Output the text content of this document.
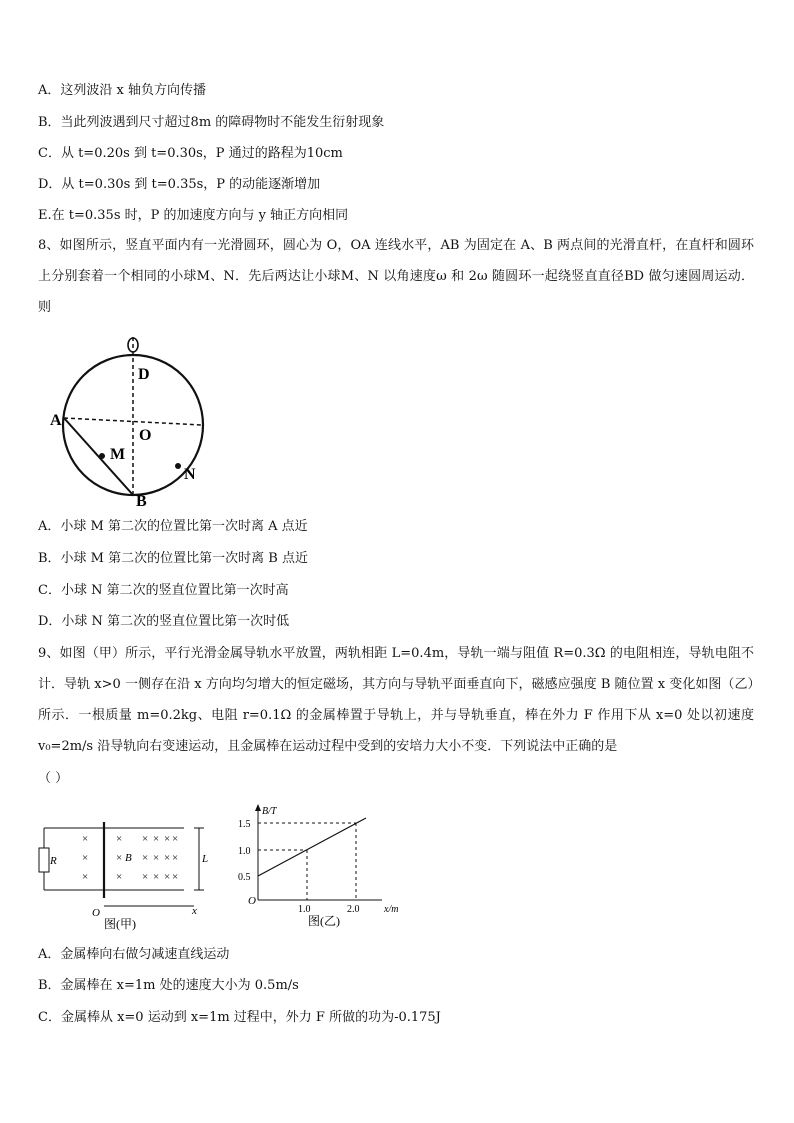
A．这列波沿 x 轴负方向传播
B．当此列波遇到尺寸超过8m 的障碍物时不能发生衍射现象
C．从 t=0.20s 到 t=0.30s，P 通过的路程为10cm
D．从 t=0.30s 到 t=0.35s，P 的动能逐渐增加
E.在 t=0.35s 时，P 的加速度方向与 y 轴正方向相同
8、如图所示，竖直平面内有一光滑圆环，圆心为 O，OA 连线水平，AB 为固定在 A、B 两点间的光滑直杆，在直杆和圆环上分别套着一个相同的小球M、N．先后两达让小球M、N 以角速度ω 和 2ω 随圆环一起绕竖直直径BD 做匀速圆周运动．则
A
D
O
M
N
B
A．小球 M 第二次的位置比第一次时离 A 点近
B．小球 M 第二次的位置比第一次时离 B 点近
C．小球 N 第二次的竖直位置比第一次时高
D．小球 N 第二次的竖直位置比第一次时低
9、如图（甲）所示，平行光滑金属导轨水平放置，两轨相距 L=0.4m，导轨一端与阻值 R=0.3Ω 的电阻相连，导轨电阻不计．导轨 x>0 一侧存在沿 x 方向均匀增大的恒定磁场，其方向与导轨平面垂直向下，磁感应强度 B 随位置 x 变化如图（乙）所示．一根质量 m=0.2kg、电阻 r=0.1Ω 的金属棒置于导轨上，并与导轨垂直，棒在外力 F 作用下从 x=0 处以初速度 v₀=2m/s 沿导轨向右变速运动，且金属棒在运动过程中受到的安培力大小不变．下列说法中正确的是
（ ）
R
×
×
×
×
×
× × × ×
× × × × ×
× × × ×
B	L
O	x
图(甲)
B/T
1.5
1.0
0.5
O
1.0	2.0 x/m
图(乙)
A．金属棒向右做匀减速直线运动
B．金属棒在 x=1m 处的速度大小为 0.5m/s
C．金属棒从 x=0 运动到 x=1m 过程中，外力 F 所做的功为-0.175J
